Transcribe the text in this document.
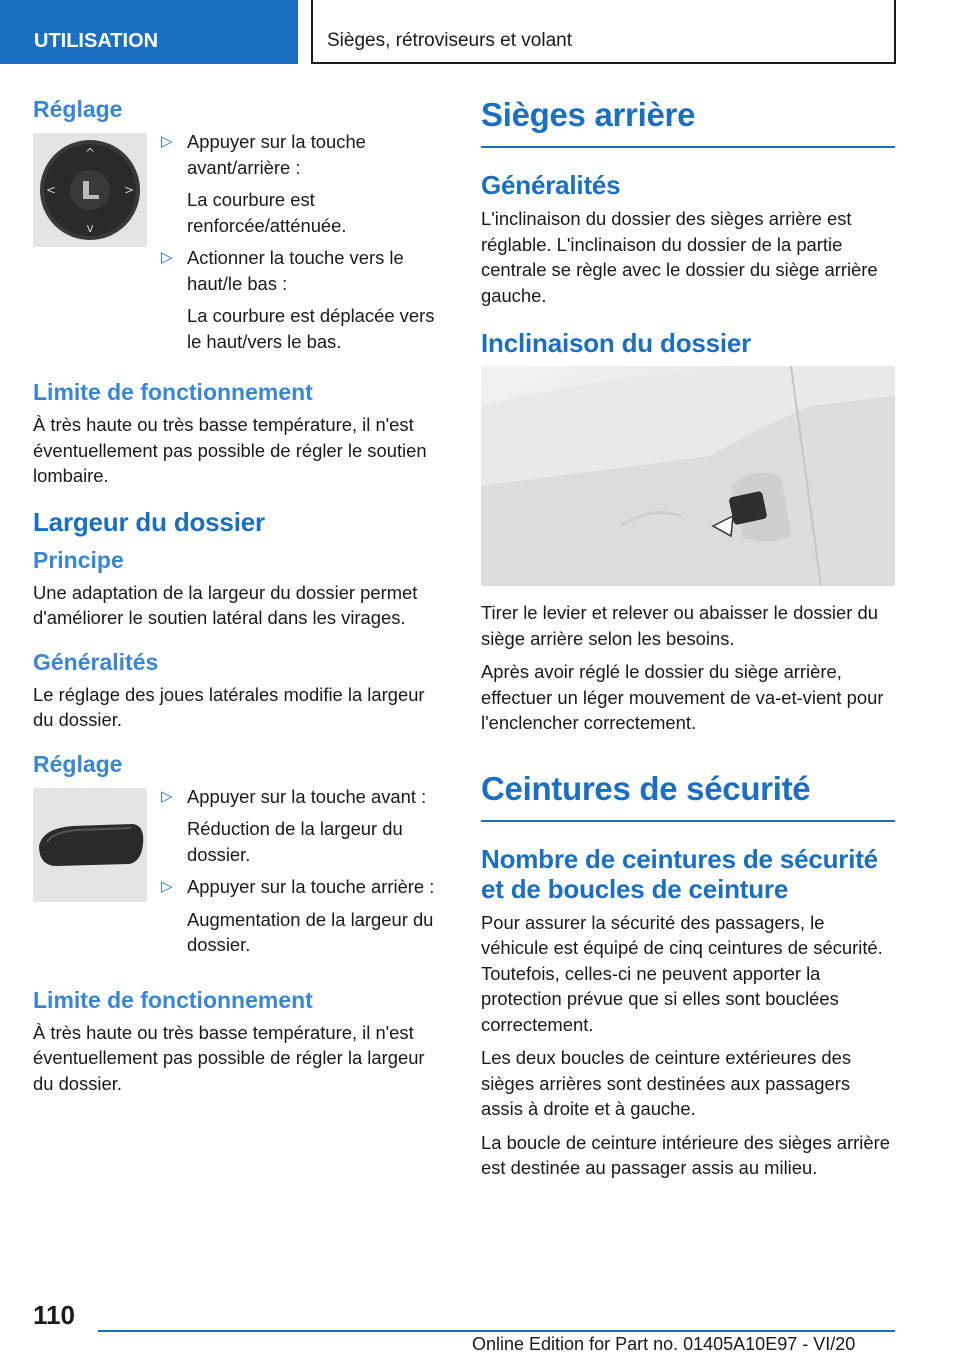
UTILISATION	Sièges, rétroviseurs et volant
Réglage
^
v
<	>
▷ Appuyer sur la touche avant/arrière :

La courbure est renforcée/atténuée.

▷ Actionner la touche vers le haut/le bas :

La courbure est déplacée vers le haut/vers le bas.

Limite de fonctionnement

À très haute ou très basse température, il n'est éventuellement pas possible de régler le soutien lombaire.

Largeur du dossier
Principe

Une adaptation de la largeur du dossier permet d'améliorer le soutien latéral dans les virages.

Généralités

Le réglage des joues latérales modifie la largeur du dossier.

Réglage
▷ Appuyer sur la touche avant :

Réduction de la largeur du dossier.

▷ Appuyer sur la touche arrière :

Augmentation de la largeur du dossier.

Limite de fonctionnement

À très haute ou très basse température, il n'est éventuellement pas possible de régler la largeur du dossier.

Sièges arrière
Généralités

L'inclinaison du dossier des sièges arrière est réglable. L'inclinaison du dossier de la partie centrale se règle avec le dossier du siège arrière gauche.

Inclinaison du dossier

Tirer le levier et relever ou abaisser le dossier du siège arrière selon les besoins.

Après avoir réglé le dossier du siège arrière, effectuer un léger mouvement de va-et-vient pour l'enclencher correctement.

Ceintures de sécurité
Nombre de ceintures de sécurité et de boucles de ceinture

Pour assurer la sécurité des passagers, le véhicule est équipé de cinq ceintures de sécurité. Toutefois, celles-ci ne peuvent apporter la protection prévue que si elles sont bouclées correctement.

Les deux boucles de ceinture extérieures des sièges arrières sont destinées aux passagers assis à droite et à gauche.

La boucle de ceinture intérieure des sièges arrière est destinée au passager assis au milieu.

110
Online Edition for Part no. 01405A10E97 - VI/20
